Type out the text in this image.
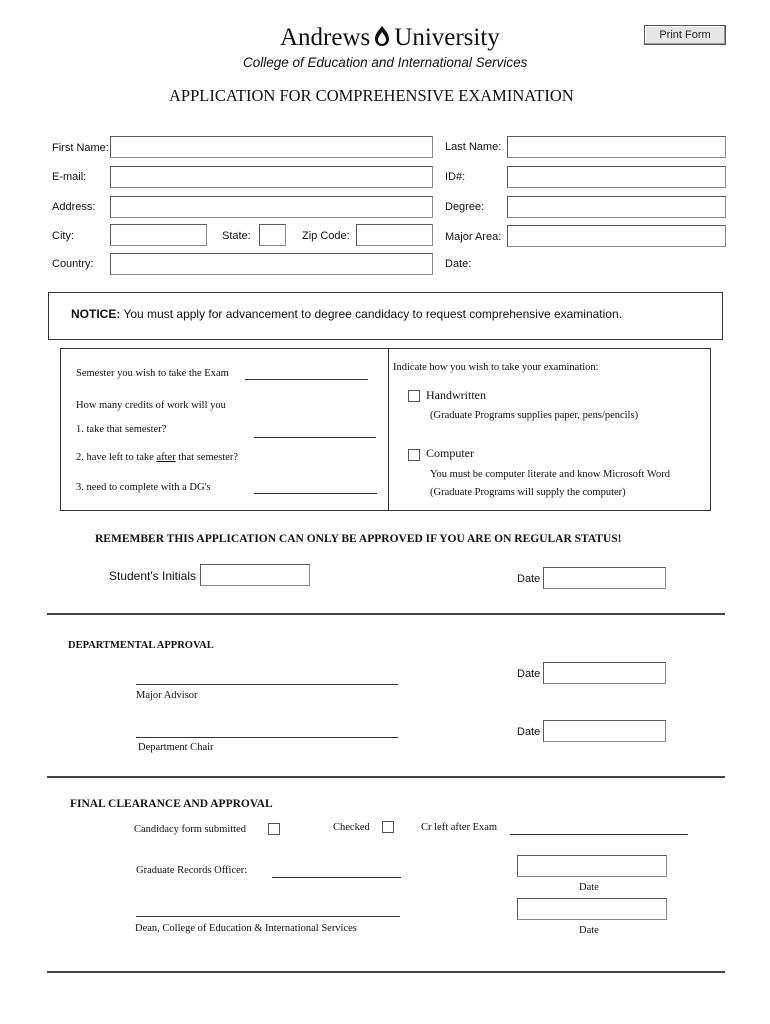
Andrews University
College of Education and International Services
Print Form
APPLICATION FOR COMPREHENSIVE EXAMINATION
First Name:	Last Name:
E-mail:	ID#:
Address:	Degree:
City:	State:	Zip Code:	Major Area:
Country:	Date:
NOTICE: You must apply for advancement to degree candidacy to request comprehensive examination.
Semester you wish to take the Exam
How many credits of work will you
1. take that semester?
2. have left to take after that semester?
3. need to complete with a DG's
Indicate how you wish to take your examination:
Handwritten
(Graduate Programs supplies paper, pens/pencils)
Computer
You must be computer literate and know Microsoft Word
(Graduate Programs will supply the computer)
REMEMBER THIS APPLICATION CAN ONLY BE APPROVED IF YOU ARE ON REGULAR STATUS!
Student's Initials	Date
DEPARTMENTAL APPROVAL
Date
Major Advisor
Date
Department Chair
FINAL CLEARANCE AND APPROVAL
Candidacy form submitted	Checked	Cr left after Exam
Graduate Records Officer:
Date
Dean, College of Education & International Services	Date
